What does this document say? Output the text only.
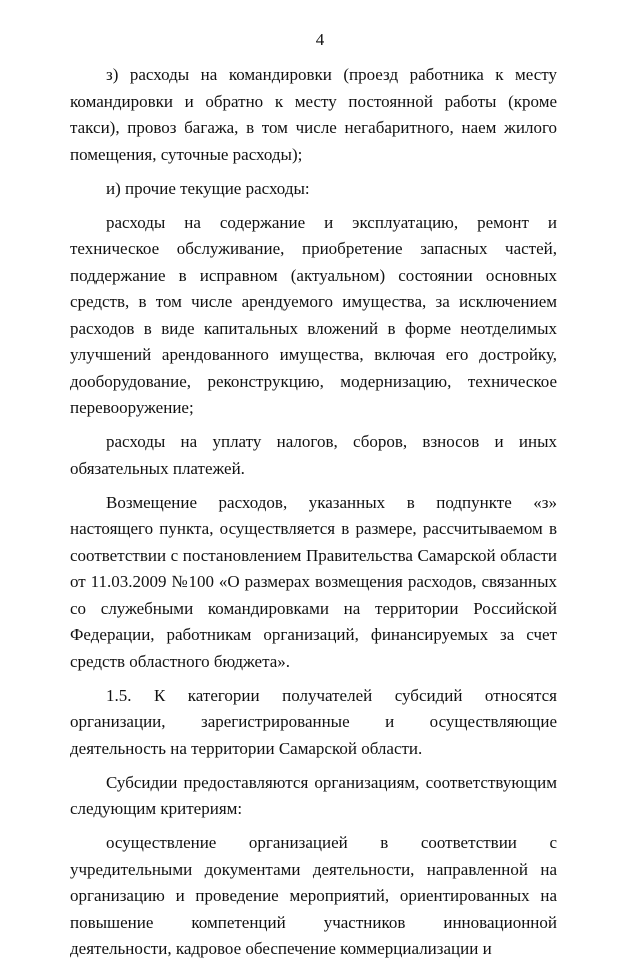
4

з) расходы на командировки (проезд работника к месту командировки и обратно к месту постоянной работы (кроме такси), провоз багажа, в том числе негабаритного, наем жилого помещения, суточные расходы);

и) прочие текущие расходы:

расходы на содержание и эксплуатацию, ремонт и техническое обслуживание, приобретение запасных частей, поддержание в исправном (актуальном) состоянии основных средств, в том числе арендуемого имущества, за исключением расходов в виде капитальных вложений в форме неотделимых улучшений арендованного имущества, включая его достройку, дооборудование, реконструкцию, модернизацию, техническое перевооружение;

расходы на уплату налогов, сборов, взносов и иных обязательных платежей.

Возмещение расходов, указанных в подпункте «з» настоящего пункта, осуществляется в размере, рассчитываемом в соответствии с постановлением Правительства Самарской области от 11.03.2009 №100 «О размерах возмещения расходов, связанных со служебными командировками на территории Российской Федерации, работникам организаций, финансируемых за счет средств областного бюджета».

1.5. К категории получателей субсидий относятся организации, зарегистрированные и осуществляющие деятельность на территории Самарской области.

Субсидии предоставляются организациям, соответствующим следующим критериям:

осуществление организацией в соответствии с учредительными документами деятельности, направленной на организацию и проведение мероприятий, ориентированных на повышение компетенций участников инновационной деятельности, кадровое обеспечение коммерциализации и
